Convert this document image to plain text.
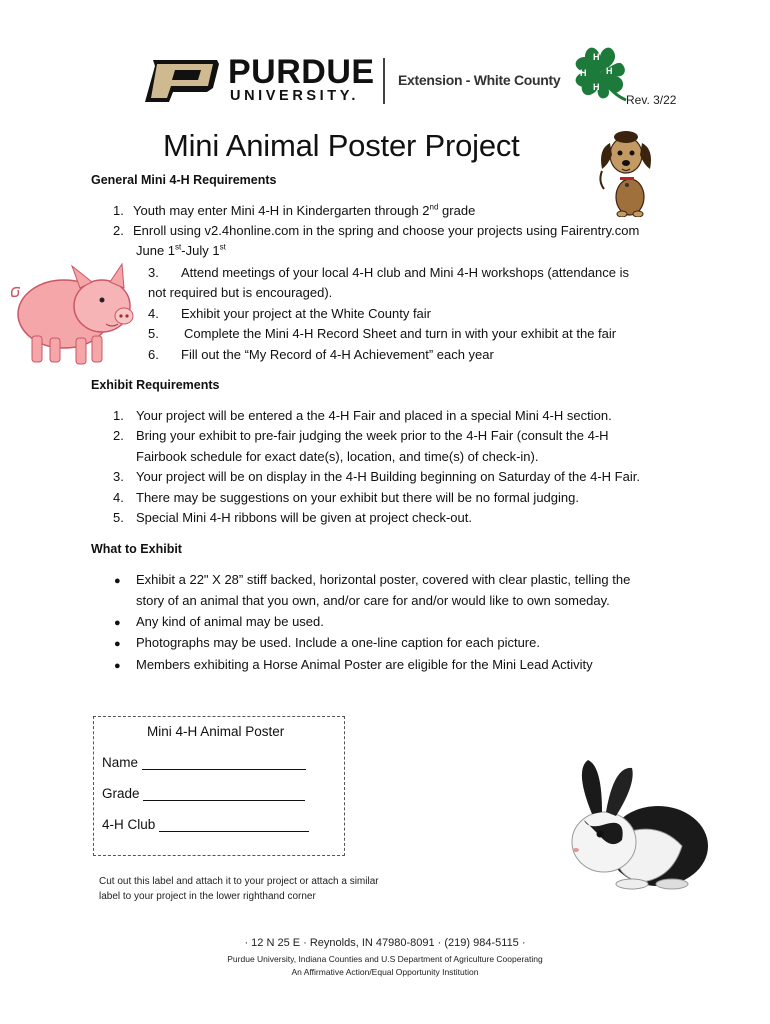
PURDUE
UNIVERSITY.
Extension - White County
H
H
H
H
Rev. 3/22
Mini Animal Poster Project
General Mini 4-H Requirements
1. Youth may enter Mini 4-H in Kindergarten through 2nd grade
2. Enroll using v2.4honline.com in the spring and choose your projects using Fairentry.com
June 1st-July 1st
3. Attend meetings of your local 4-H club and Mini 4-H workshops (attendance is
not required but is encouraged).
4. Exhibit your project at the White County fair
5. Complete the Mini 4-H Record Sheet and turn in with your exhibit at the fair
6. Fill out the “My Record of 4-H Achievement” each year
Exhibit Requirements
1. Your project will be entered a the 4-H Fair and placed in a special Mini 4-H section.
2. Bring your exhibit to pre-fair judging the week prior to the 4-H Fair (consult the 4-H
Fairbook schedule for exact date(s), location, and time(s) of check-in).
3. Your project will be on display in the 4-H Building beginning on Saturday of the 4-H Fair.
4. There may be suggestions on your exhibit but there will be no formal judging.
5. Special Mini 4-H ribbons will be given at project check-out.
What to Exhibit
● Exhibit a 22" X 28” stiff backed, horizontal poster, covered with clear plastic, telling the
story of an animal that you own, and/or care for and/or would like to own someday.
● Any kind of animal may be used.
● Photographs may be used. Include a one-line caption for each picture.
● Members exhibiting a Horse Animal Poster are eligible for the Mini Lead Activity
Mini 4-H Animal Poster
Name
Grade
4-H Club
Cut out this label and attach it to your project or attach a similar
label to your project in the lower righthand corner
· 12 N 25 E · Reynolds, IN 47980-8091 · (219) 984-5115 ·
Purdue University, Indiana Counties and U.S Department of Agriculture Cooperating
An Affirmative Action/Equal Opportunity Institution
